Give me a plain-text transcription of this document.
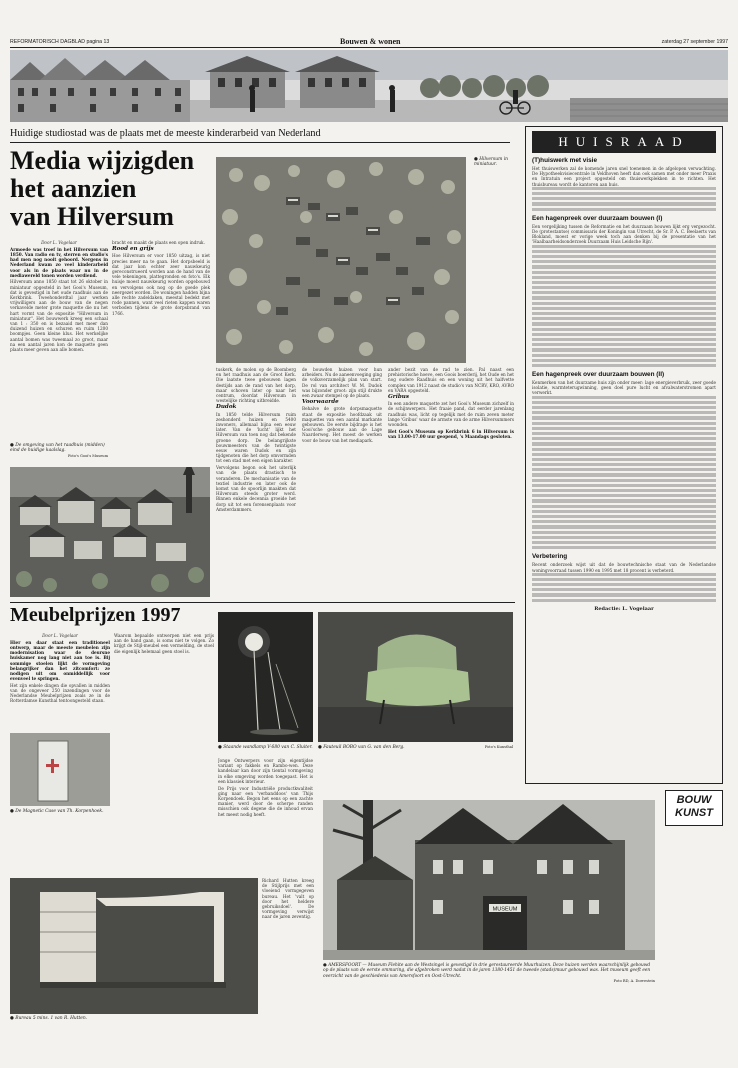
REFORMATORISCH DAGBLAD pagina 13	Bouwen & wonen	zaterdag 27 september 1997
Huidige studiostad was de plaats met de meeste kinderarbeid van Nederland
Media wijzigden
het aanzien
van Hilversum
● Hilversum in miniatuur.

Door L. Vogelaar

Armoede was troef in het Hilversum van 1850. Van radio en tv, sterren en studio's had men nog nooit gehoord. Nergens in Nederland kwam zo veel kinderarbeid voor als in de plaats waar nu in de mediawereld tonen worden verdiend.

Hilversum anno 1850 staat tot 26 oktober in miniatuur opgesteld in het Gooi's Museum, dat is gevestigd in het oude raadhuis aan de Kerkbrink. Tweehonderdtal jaar werken vrijwilligers aan de bouw van de negen verkavelde meter grote maquette die nu het hart vormt van de expositie "Hilversum in miniatuur". Het bouwwerk kreeg een schaal van 1 : 350 en is bezaaid met meer dan duizend huizen en schuren en ruim 1200 boompjes. Geen kleine klus. Het werkelijke aantal bomen was tweemaal zo groot, maar na een aantal jaren kon de maquette geen plaats meer geven aan alle bomen.

bracht en maakt de plaats een open indruk.

Rood en grijs

Hoe Hilversum er voor 1850 uitzag, is niet precies meer na te gaan. Het dorpsbeeld is dat jaar kon echter zeer nauwkeurig gereconstrueerd worden aan de hand van de vele tekeningen, plattegronden en foto's. Elk huisje moest nauwkeurig worden opgebouwd en vervolgens ook nog op de goede plek neergezet worden. De woningen hadden bijna alle rechte zadeldaken, meestal bedekt met rode pannen, want veel rieten kappen waren verboden tijdens de grote dorpsbrand van 1766.

● De omgeving van het raadhuis (midden) eind de huidige kaalslag.
Foto's Gooi's Museum

tuskerk, de molen op de Boomberg en het raadhuis aan de Groot Kerk. Die laatste twee gebouwen lagen destijds aan de rand van het dorp, maar schoven later op naar het centrum, doordat Hilversum in westelijke richting uitbreidde.

Dudok

In 1850 telde Hilversum ruim zeshonderd huizen en 5400 inwoners, allemaal bijna een eeuw later. Van de 'lucht' lijkt het Hilversum van toen nog dat bekende groene dorp. De belangrijkste bouwmeesters van de twintigste eeuw waren Dudok en zijn tijdgenoten die het dorp omvormden tot een stad met een eigen karakter.

Vervolgens begon ook het uiterlijk van de plaats drastisch te veranderen. De mechanisatie van de textiel industrie en later ook de komst van de spoorlijn maakten dat Hilversum steeds groter werd. Binnen enkele decennia groeide het dorp uit tot een forensenplaats voor Amsterdammers.

de bouwden huizen voor hun arbeiders. Nu de aaneenvoeging ging de volksverzamelijk plan van start. De rol van architect W. M. Dudok was bijzonder groot: zijn stijl drukte een zwaar stempel op de plaats.

Voorwaarde

Behalve de grote dorpsmaquette staat de expositie hoofdzaak uit maquettes van een aantal markante gebouwen. De eerste bijdrage is het Gooi'sche gebouw aan de Lage Naarderweg. Het moest de werken voor de bouw van het mediapark.

ander bezit van de rad te zien. Pal naast een prehistorische hoeve, een Goois boerderij, het Oude en het nog oudere Raadhuis en een woning uit het halfvette complex van 1912 naast de studio's van NCRV, KRO, AVRO en VARA opgesteld.

Gribus

In een andere maquette zet het Gooi's Museum zichzelf in de schijnwerpers. Het fraaie pand, dat eerder jarenlang raadhuis was, licht op tegelijk met de ruim zeven meter lange 'Gribus' waar de armste van de arme Hilversummers woonden.

Het Gooi's Museum op Kerkbrink 6 in Hilversum is van 13.00-17.00 uur geopend, 's Maandags gesloten.

Meubelprijzen 1997

Door L. Vogelaar

Hier en daar staat een traditioneel ontwerp, maar de meeste meubelen zijn modernisation waar de deursne huiskamer nog lang niet aan toe is. Bij sommige stoelen lijkt de vormgeving belangrijker dan het zitcomfort: ze nodigen uit om onmiddellijk voor evenveel te springen.

Het zijn enkele dingen die opvallen in midden van de ongeveer 250 inzendingen voor de Nederlandse Meubelprijzen zoals ze in de Rotterdamse Kunsthal tentoongesteld staan.

Waarom bepaalde ontwerpen niet een prijs aan de hand gaan, is soms niet te volgen. Zo krijgt de Stijl-meubel een vermelding, de stoel die eigenlijk helemaal geen stoel is.

● De Magnetic Case van Th. Korpenhoek.
● Staande wandlamp V-680 van C. Sluiter. ● Fauteuil BOBO van G. van den Berg.	Foto's Kunsthal

Jonge Ontwerpers voor zijn eigentijdse variant op fakkels en Rambo-wen. Deze kandelaar kan door zijn tiental vormgeving in elke omgeving worden toegepast. Het is een klassiek interieur.

De Prijs voor Industriële productkwaliteit ging naar een 'verbanddoos' van Thijs Korpendoek. Begon het eens op een zachte manier, werd door de scherpe randen misschien ook degene die de inhoud ervan het meest nodig heeft.

Richard Hutten kreeg de Stijlprijs met een vloeiend vormgegeven bureau. Het 'valt op door het heldere gebruiksdoel'. De vormgeving verwijst naar de jaren zeventig.

● Bureau 5 mins. 1 van R. Hutten.
HUISRAAD
(T)huiswerk met visie
Het thuiswerken zal de komende jaren snel toenemen in de afgelopen verwachting. De Hypotheekvisiecentrale in Veldhoven heeft dan ook samen met onder meer Praxis en Intratuin een project opgesteld om thuiswerkplekken in te richten. Het thuisbureau wordt de kantoren aan huis.
Een hagenpreek over duurzaam bouwen (I)
Een vergelijking tussen de Reformatie en het duurzaam bouwen lijkt erg vergezocht. De (protestantse) commissaris der Koningin van Utrecht, de Sr. P. A. C. Beelaerts van Blokland, moest er vorige week toch aan denken bij de presentatie van het 'Haalbaarheidsonderzoek Duurzaam Huis Leidsche Rijn'.
Een hagenpreek over duurzaam bouwen (II)
Kenmerken van het duurzame huis zijn onder meer: lage energieverbruik, zeer goede isolatie, warmteterugwinning, geen doel pure lucht en afvalwaterstromen apart verwerkt.
Verbetering
Recent onderzoek wijst uit dat de bouwtechnische staat van de Nederlandse woningvoorraad tussen 1990 en 1995 met 18 procent is verbeterd.
Redactie: L. Vogelaar
BOUW
KUNST
MUSEUM
● AMERSFOORT — Museum Flehite aan de Westsingel is gevestigd in drie gerestaureerde Muurhuizen. Deze huizen werden waarschijnlijk gebouwd op de plaats van de eerste ommuring, die afgebroken werd nadat in de jaren 1380-1451 de tweede (stads)muur gebouwd was. Het museum geeft een overzicht van de geschiedenis van Amersfoort en Oost-Utrecht.
Foto RD, A. Dorrestein
